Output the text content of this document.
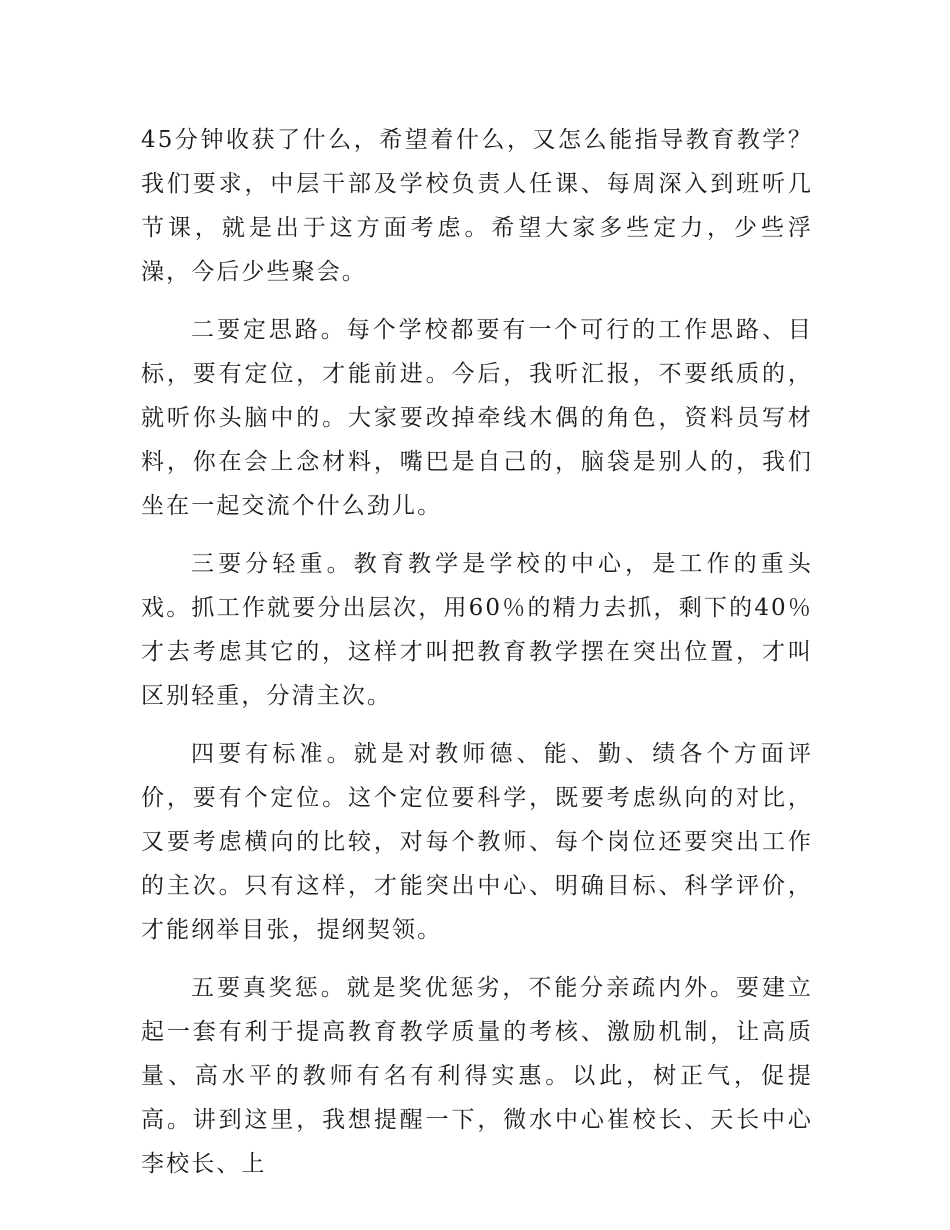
45分钟收获了什么，希望着什么，又怎么能指导教育教学？我们要求，中层干部及学校负责人任课、每周深入到班听几节课，就是出于这方面考虑。希望大家多些定力，少些浮澡，今后少些聚会。

二要定思路。每个学校都要有一个可行的工作思路、目标，要有定位，才能前进。今后，我听汇报，不要纸质的，就听你头脑中的。大家要改掉牵线木偶的角色，资料员写材料，你在会上念材料，嘴巴是自己的，脑袋是别人的，我们坐在一起交流个什么劲儿。

三要分轻重。教育教学是学校的中心，是工作的重头戏。抓工作就要分出层次，用60％的精力去抓，剩下的40％才去考虑其它的，这样才叫把教育教学摆在突出位置，才叫区别轻重，分清主次。

四要有标准。就是对教师德、能、勤、绩各个方面评价，要有个定位。这个定位要科学，既要考虑纵向的对比，又要考虑横向的比较，对每个教师、每个岗位还要突出工作的主次。只有这样，才能突出中心、明确目标、科学评价，才能纲举目张，提纲契领。

五要真奖惩。就是奖优惩劣，不能分亲疏内外。要建立起一套有利于提高教育教学质量的考核、激励机制，让高质量、高水平的教师有名有利得实惠。以此，树正气，促提高。讲到这里，我想提醒一下，微水中心崔校长、天长中心李校长、上
